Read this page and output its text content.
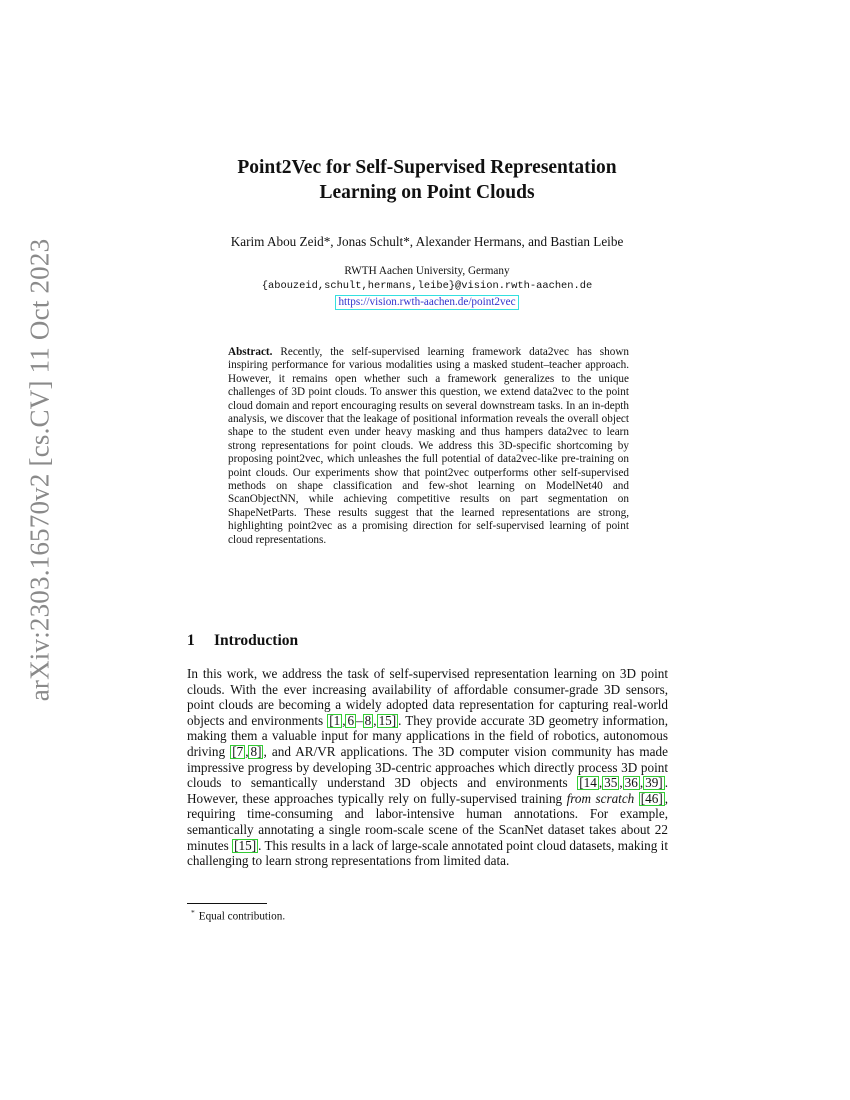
arXiv:2303.16570v2 [cs.CV] 11 Oct 2023
Point2Vec for Self-Supervised Representation
Learning on Point Clouds
Karim Abou Zeid*, Jonas Schult*, Alexander Hermans, and Bastian Leibe
RWTH Aachen University, Germany
{abouzeid,schult,hermans,leibe}@vision.rwth-aachen.de
https://vision.rwth-aachen.de/point2vec
Abstract. Recently, the self-supervised learning framework data2vec has shown inspiring performance for various modalities using a masked student–teacher approach. However, it remains open whether such a framework generalizes to the unique challenges of 3D point clouds. To answer this question, we extend data2vec to the point cloud domain and report encouraging results on several downstream tasks. In an in-depth analysis, we discover that the leakage of positional information reveals the overall object shape to the student even under heavy masking and thus hampers data2vec to learn strong representations for point clouds. We address this 3D-specific shortcoming by proposing point2vec, which unleashes the full potential of data2vec-like pre-training on point clouds. Our experiments show that point2vec outperforms other self-supervised methods on shape classification and few-shot learning on ModelNet40 and ScanObjectNN, while achieving competitive results on part segmentation on ShapeNetParts. These results suggest that the learned representations are strong, highlighting point2vec as a promising direction for self-supervised learning of point cloud representations.
1 Introduction
In this work, we address the task of self-supervised representation learning on 3D point clouds. With the ever increasing availability of affordable consumer-grade 3D sensors, point clouds are becoming a widely adopted data representation for capturing real-world objects and environments [1 , 6 – 8 , 15] . They provide accurate 3D geometry information, making them a valuable input for many applications in the field of robotics, autonomous driving [7 , 8] , and AR/VR applications. The 3D computer vision community has made impressive progress by developing 3D-centric approaches which directly process 3D point clouds to semantically understand 3D objects and environments [14 , 35 , 36 , 39] . However, these approaches typically rely on fully-supervised training from scratch [46] , requiring time-consuming and labor-intensive human annotations. For example, semantically annotating a single room-scale scene of the ScanNet dataset takes about 22 minutes [15] . This results in a lack of large-scale annotated point cloud datasets, making it challenging to learn strong representations from limited data.
* Equal contribution.
